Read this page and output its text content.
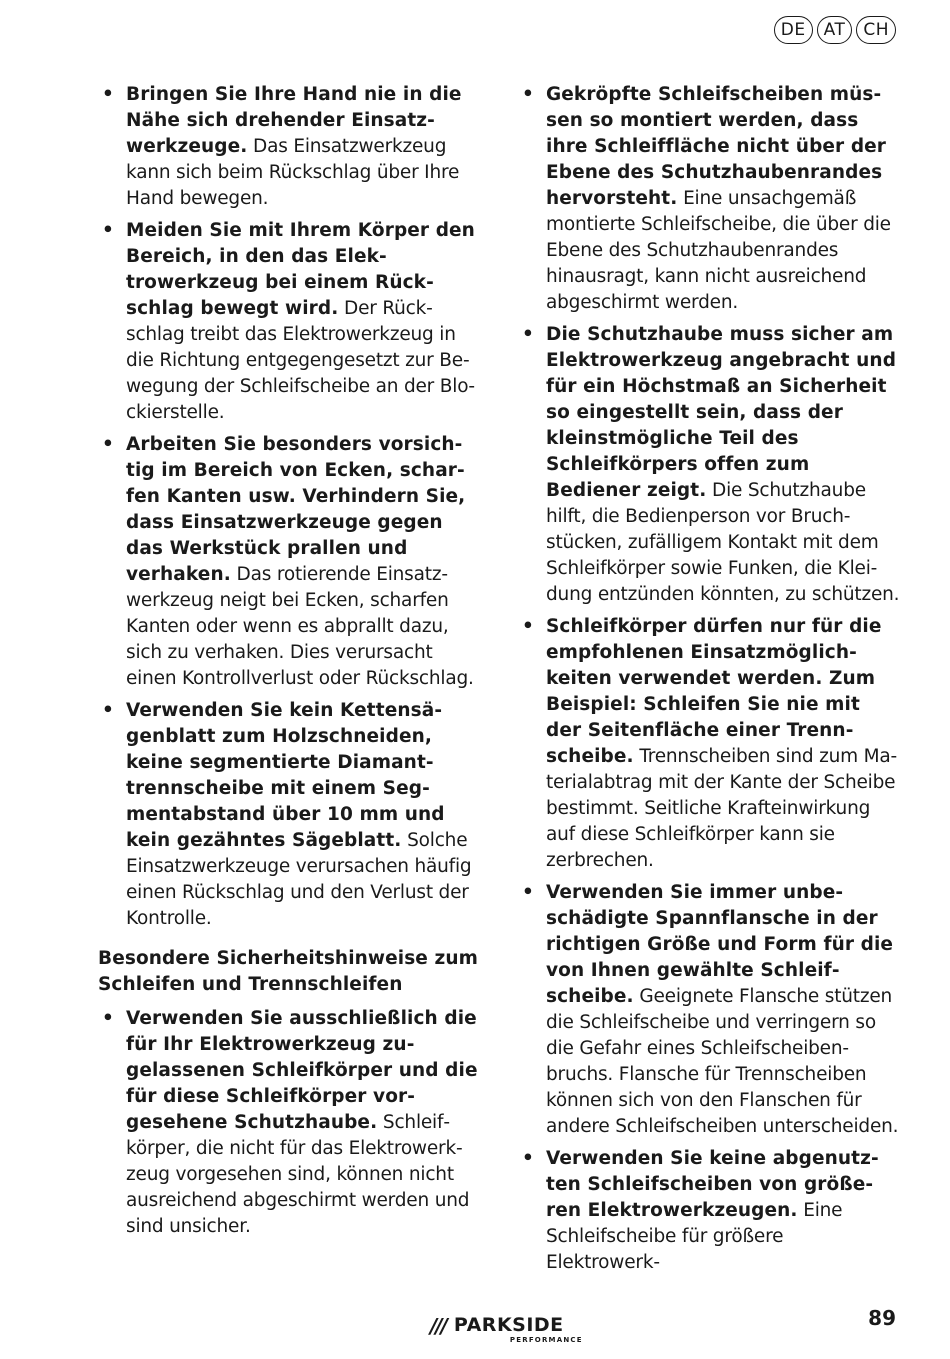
DE	AT	CH
• Bringen Sie Ihre Hand nie in die Nähe sich drehender Einsatzwerkzeuge. Das Einsatzwerkzeug kann sich beim Rückschlag über Ihre Hand bewegen.
• Meiden Sie mit Ihrem Körper den Bereich, in den das Elektrowerkzeug bei einem Rückschlag bewegt wird. Der Rückschlag treibt das Elektrowerkzeug in die Richtung entgegengesetzt zur Bewegung der Schleifscheibe an der Blockierstelle.
• Arbeiten Sie besonders vorsichtig im Bereich von Ecken, scharfen Kanten usw. Verhindern Sie, dass Einsatzwerkzeuge gegen das Werkstück prallen und verhaken. Das rotierende Einsatzwerkzeug neigt bei Ecken, scharfen Kanten oder wenn es abprallt dazu, sich zu verhaken. Dies verursacht einen Kontrollverlust oder Rückschlag.
• Verwenden Sie kein Kettensägenblatt zum Holzschneiden, keine segmentierte Diamanttrennscheibe mit einem Segmentabstand über 10 mm und kein gezähntes Sägeblatt. Solche Einsatzwerkzeuge verursachen häufig einen Rückschlag und den Verlust der Kontrolle.
Besondere Sicherheitshinweise zum Schleifen und Trennschleifen
• Verwenden Sie ausschließlich die für Ihr Elektrowerkzeug zugelassenen Schleifkörper und die für diese Schleifkörper vorgesehene Schutzhaube. Schleifkörper, die nicht für das Elektrowerkzeug vorgesehen sind, können nicht ausreichend abgeschirmt werden und sind unsicher.
• Gekröpfte Schleifscheiben müssen so montiert werden, dass ihre Schleiffläche nicht über der Ebene des Schutzhaubenrandes hervorsteht. Eine unsachgemäß montierte Schleifscheibe, die über die Ebene des Schutzhaubenrandes hinausragt, kann nicht ausreichend abgeschirmt werden.
• Die Schutzhaube muss sicher am Elektrowerkzeug angebracht und für ein Höchstmaß an Sicherheit so eingestellt sein, dass der kleinstmögliche Teil des Schleifkörpers offen zum Bediener zeigt. Die Schutzhaube hilft, die Bedienperson vor Bruchstücken, zufälligem Kontakt mit dem Schleifkörper sowie Funken, die Kleidung entzünden könnten, zu schützen.
• Schleifkörper dürfen nur für die empfohlenen Einsatzmöglichkeiten verwendet werden. Zum Beispiel: Schleifen Sie nie mit der Seitenfläche einer Trennscheibe. Trennscheiben sind zum Materialabtrag mit der Kante der Scheibe bestimmt. Seitliche Krafteinwirkung auf diese Schleifkörper kann sie zerbrechen.
• Verwenden Sie immer unbeschädigte Spannflansche in der richtigen Größe und Form für die von Ihnen gewählte Schleifscheibe. Geeignete Flansche stützen die Schleifscheibe und verringern so die Gefahr eines Schleifscheibenbruchs. Flansche für Trennscheiben können sich von den Flanschen für andere Schleifscheiben unterscheiden.
• Verwenden Sie keine abgenutzten Schleifscheiben von größeren Elektrowerkzeugen. Eine Schleifscheibe für größere Elektrowerk-
/// PARKSIDE
PERFORMANCE
89
